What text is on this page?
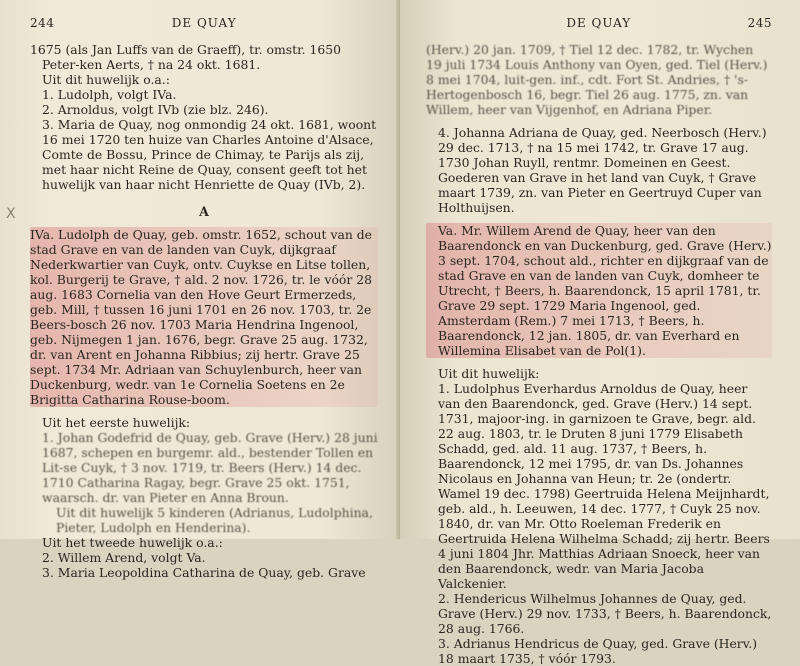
244	DE QUAY
X

1675 (als Jan Luffs van de Graeff), tr. omstr. 1650 Peter-ken Aerts, † na 24 okt. 1681.

Uit dit huwelijk o.a.:

1. Ludolph, volgt IVa.

2. Arnoldus, volgt IVb (zie blz. 246).

3. Maria de Quay, nog onmondig 24 okt. 1681, woont 16 mei 1720 ten huize van Charles Antoine d'Alsace, Comte de Bossu, Prince de Chimay, te Parijs als zij, met haar nicht Reine de Quay, consent geeft tot het huwelijk van haar nicht Henriette de Quay (IVb, 2).

A

IVa. Ludolph de Quay, geb. omstr. 1652, schout van de stad Grave en van de landen van Cuyk, dijkgraaf Nederkwartier van Cuyk, ontv. Cuykse en Litse tollen, kol. Burgerij te Grave, † ald. 2 nov. 1726, tr. le vóór 28 aug. 1683 Cornelia van den Hove Geurt Ermerzeds, geb. Mill, † tussen 16 juni 1701 en 26 nov. 1703, tr. 2e Beers-bosch 26 nov. 1703 Maria Hendrina Ingenool, geb. Nijmegen 1 jan. 1676, begr. Grave 25 aug. 1732, dr. van Arent en Johanna Ribbius; zij hertr. Grave 25 sept. 1734 Mr. Adriaan van Schuylenburch, heer van Duckenburg, wedr. van 1e Cornelia Soetens en 2e Brigitta Catharina Rouse-boom.

Uit het eerste huwelijk:

1. Johan Godefrid de Quay, geb. Grave (Herv.) 28 juni 1687, schepen en burgemr. ald., bestender Tollen en Lit-se Cuyk, † 3 nov. 1719, tr. Beers (Herv.) 14 dec. 1710 Catharina Ragay, begr. Grave 25 okt. 1751, waarsch. dr. van Pieter en Anna Broun.

Uit dit huwelijk 5 kinderen (Adrianus, Ludolphina, Pieter, Ludolph en Henderina).

Uit het tweede huwelijk o.a.:

2. Willem Arend, volgt Va.

3. Maria Leopoldina Catharina de Quay, geb. Grave

DE QUAY	245

(Herv.) 20 jan. 1709, † Tiel 12 dec. 1782, tr. Wychen 19 juli 1734 Louis Anthony van Oyen, ged. Tiel (Herv.) 8 mei 1704, luit-gen. inf., cdt. Fort St. Andries, † 's-Hertogenbosch 16, begr. Tiel 26 aug. 1775, zn. van Willem, heer van Vijgenhof, en Adriana Piper.

4. Johanna Adriana de Quay, ged. Neerbosch (Herv.) 29 dec. 1713, † na 15 mei 1742, tr. Grave 17 aug. 1730 Johan Ruyll, rentmr. Domeinen en Geest. Goederen van Grave in het land van Cuyk, † Grave maart 1739, zn. van Pieter en Geertruyd Cuper van Holthuijsen.

Va. Mr. Willem Arend de Quay, heer van den Baarendonck en van Duckenburg, ged. Grave (Herv.) 3 sept. 1704, schout ald., richter en dijkgraaf van de stad Grave en van de landen van Cuyk, domheer te Utrecht, † Beers, h. Baarendonck, 15 april 1781, tr. Grave 29 sept. 1729 Maria Ingenool, ged. Amsterdam (Rem.) 7 mei 1713, † Beers, h. Baarendonck, 12 jan. 1805, dr. van Everhard en Willemina Elisabet van de Pol(1).

Uit dit huwelijk:

1. Ludolphus Everhardus Arnoldus de Quay, heer van den Baarendonck, ged. Grave (Herv.) 14 sept. 1731, majoor-ing. in garnizoen te Grave, begr. ald. 22 aug. 1803, tr. le Druten 8 juni 1779 Elisabeth Schadd, ged. ald. 11 aug. 1737, † Beers, h. Baarendonck, 12 mei 1795, dr. van Ds. Johannes Nicolaus en Johanna van Heun; tr. 2e (ondertr. Wamel 19 dec. 1798) Geertruida Helena Meijnhardt, geb. ald., h. Leeuwen, 14 dec. 1777, † Cuyk 25 nov. 1840, dr. van Mr. Otto Roeleman Frederik en Geertruida Helena Wilhelma Schadd; zij hertr. Beers 4 juni 1804 Jhr. Matthias Adriaan Snoeck, heer van den Baarendonck, wedr. van Maria Jacoba Valckenier.

2. Hendericus Wilhelmus Johannes de Quay, ged. Grave (Herv.) 29 nov. 1733, † Beers, h. Baarendonck, 28 aug. 1766.

3. Adrianus Hendricus de Quay, ged. Grave (Herv.) 18 maart 1735, † vóór 1793.
